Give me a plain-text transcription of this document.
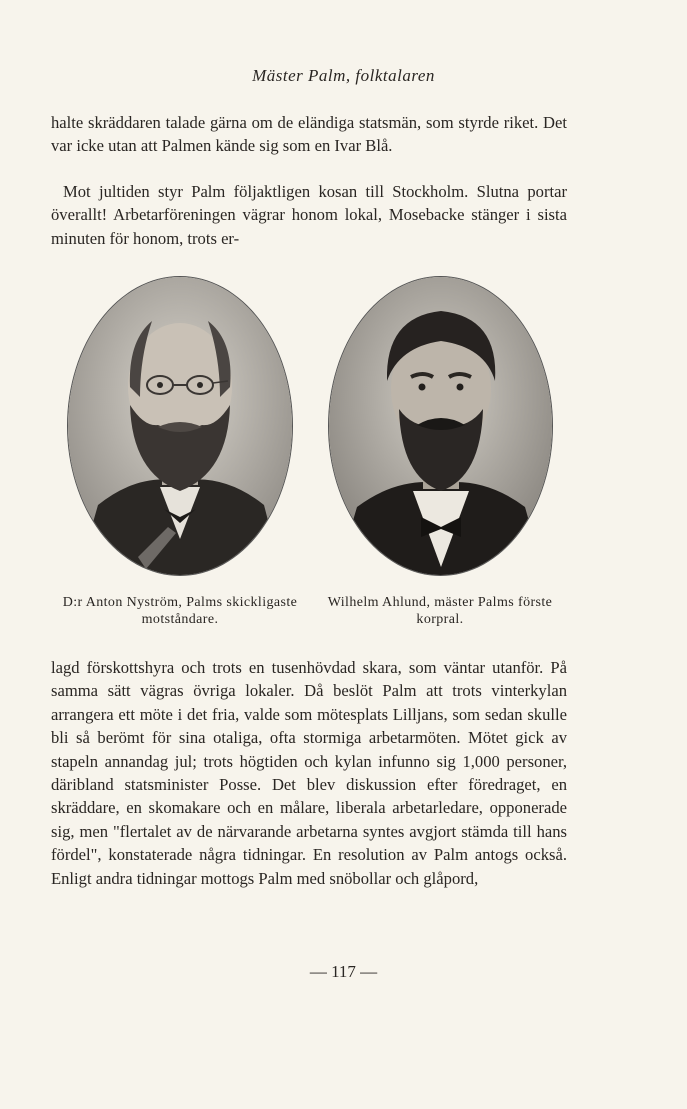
Mäster Palm, folktalaren

halte skräddaren talade gärna om de eländiga statsmän, som styrde riket. Det var icke utan att Palmen kände sig som en Ivar Blå.

Mot jultiden styr Palm följaktligen kosan till Stockholm. Slutna portar överallt! Arbetarföreningen vägrar honom lokal, Mosebacke stänger i sista minuten för honom, trots er-

D:r Anton Nyström, Palms skickligaste motståndare.
Wilhelm Ahlund, mäster Palms förste korpral.

lagd förskottshyra och trots en tusenhövdad skara, som väntar utanför. På samma sätt vägras övriga lokaler. Då beslöt Palm att trots vinterkylan arrangera ett möte i det fria, valde som mötesplats Lilljans, som sedan skulle bli så berömt för sina otaliga, ofta stormiga arbetarmöten. Mötet gick av stapeln annandag jul; trots högtiden och kylan infunno sig 1,000 personer, däribland statsminister Posse. Det blev diskussion efter föredraget, en skräddare, en skomakare och en målare, liberala arbetarledare, opponerade sig, men "flertalet av de närvarande arbetarna syntes avgjort stämda till hans fördel", konstaterade några tidningar. En resolution av Palm antogs också. Enligt andra tidningar mottogs Palm med snöbollar och glåpord,

— 117 —
